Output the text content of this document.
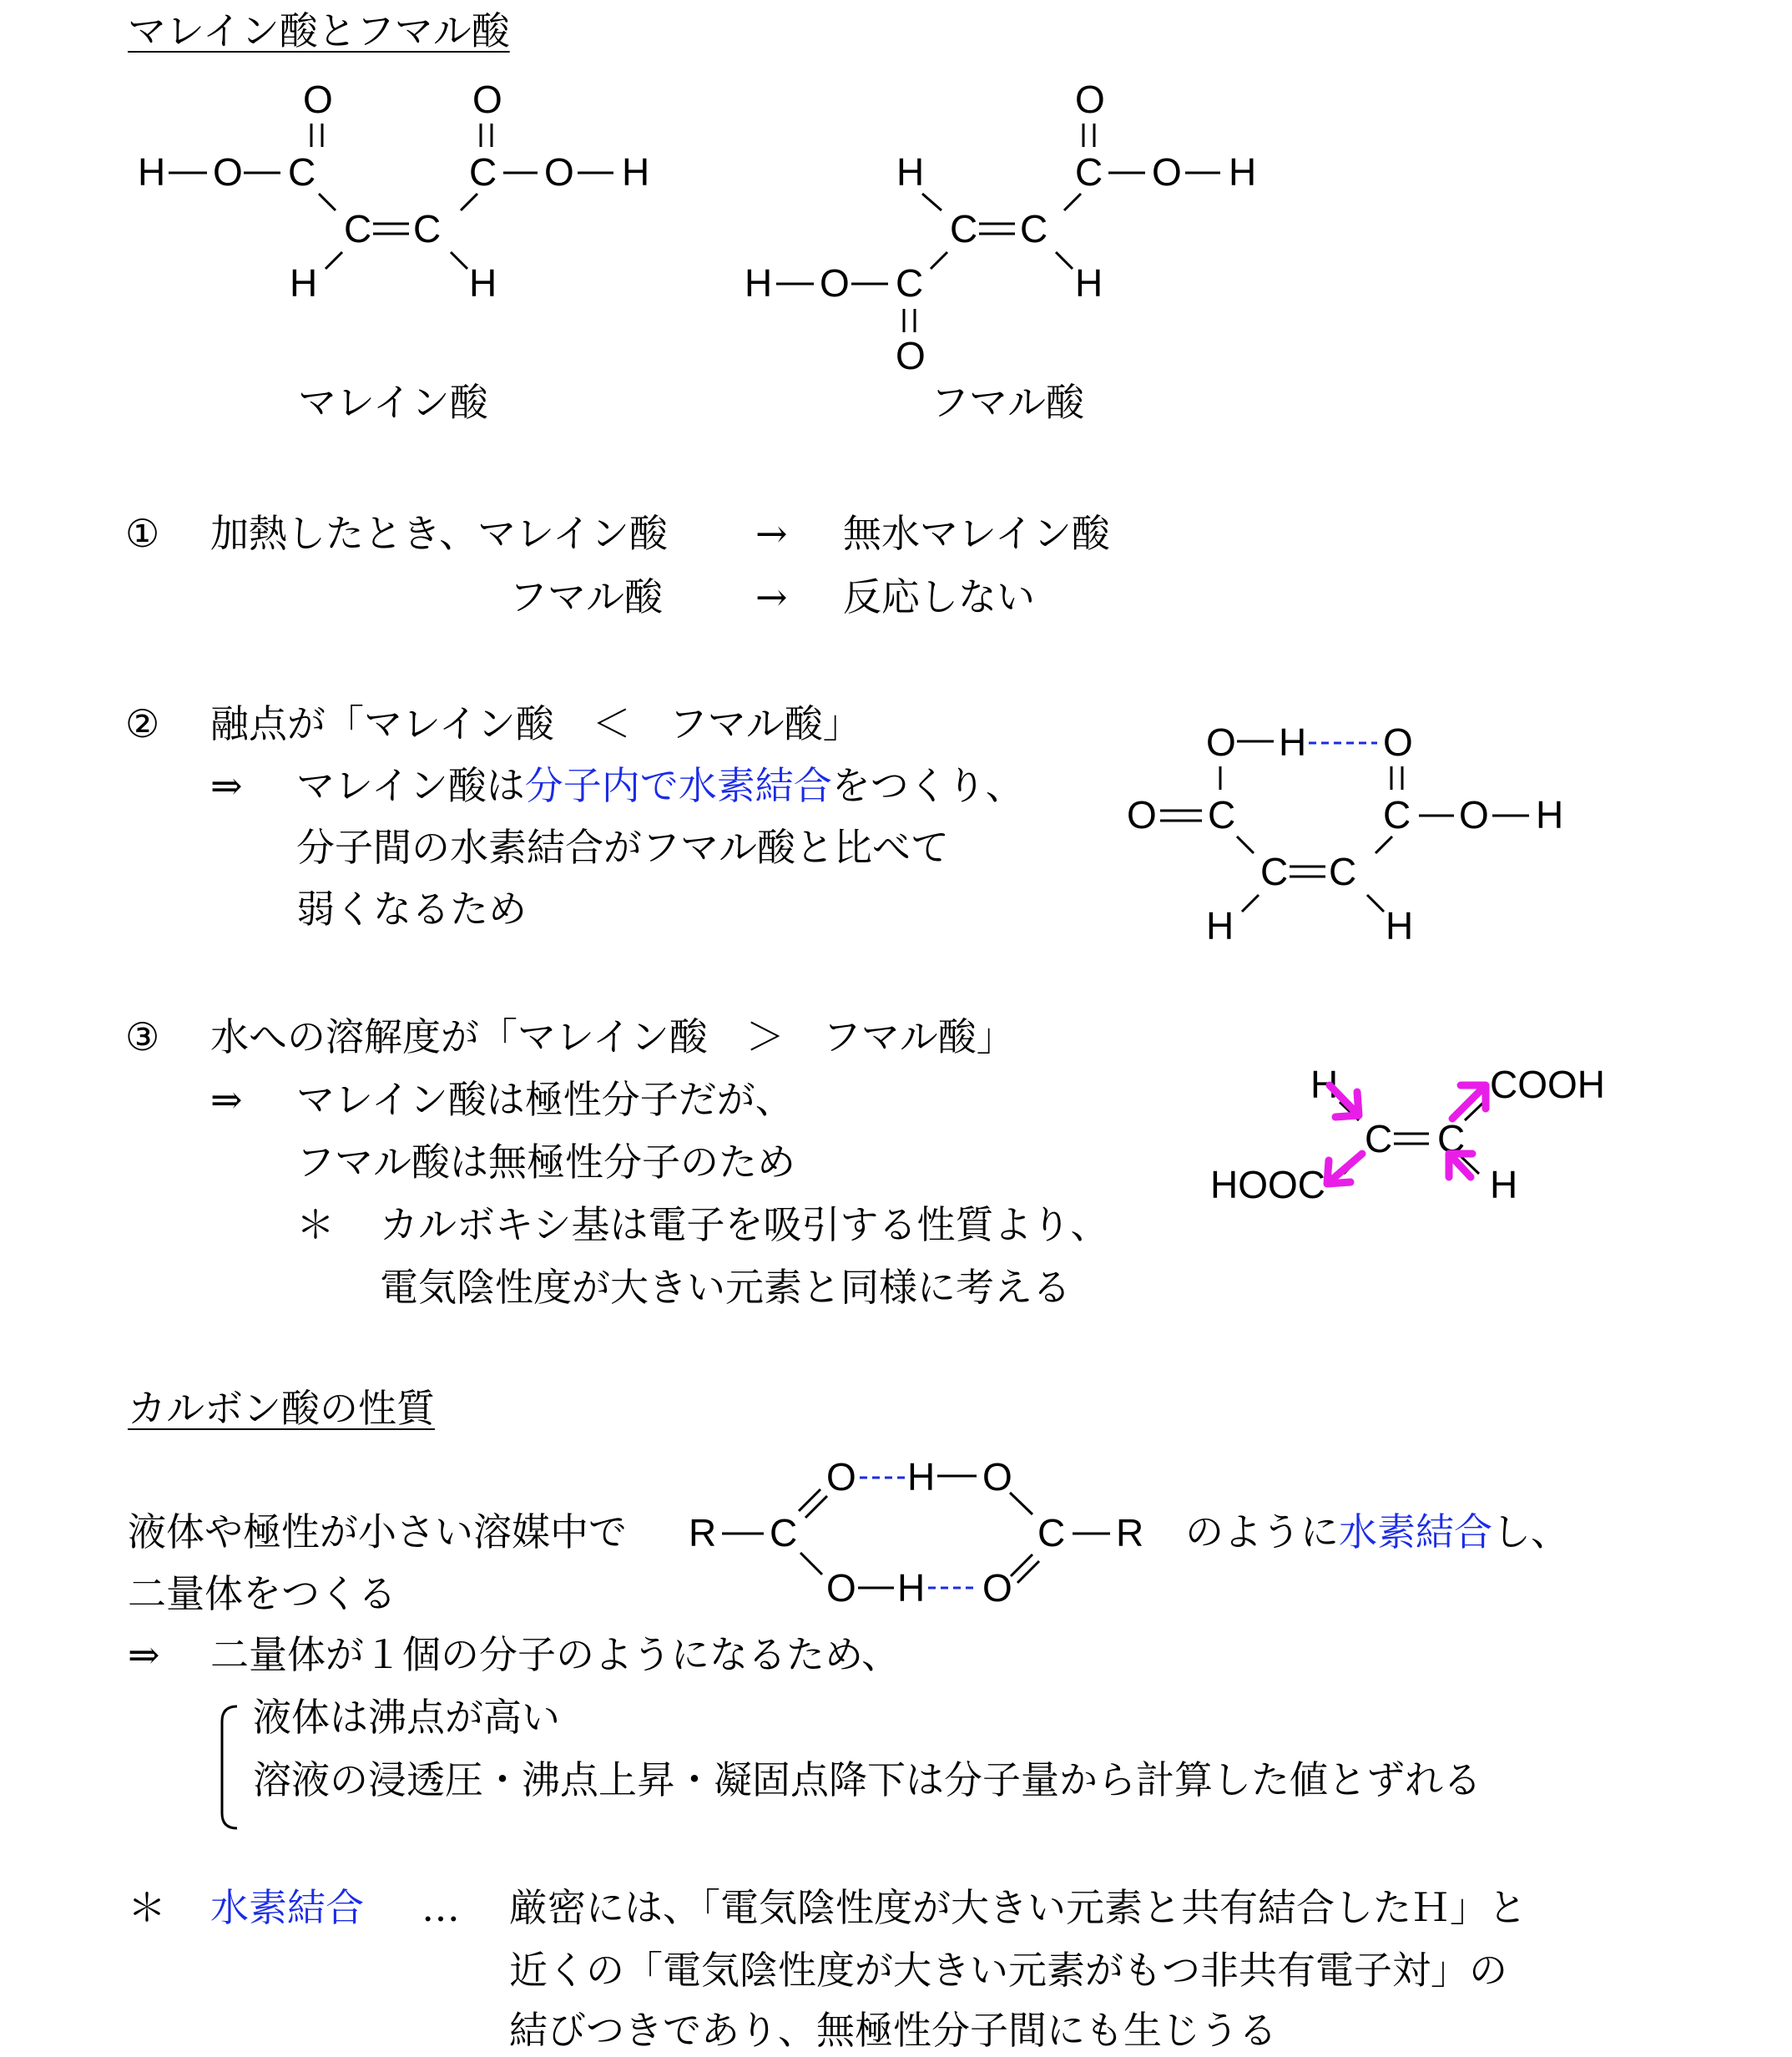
マレイン酸とフマル酸
O	O
H O C	C O H
C C
H	H
マレイン酸
O
H	C O H
C C
H O C	H
O
フマル酸
① 加熱したとき、マレイン酸 → 無水マレイン酸
フマル酸 → 反応しない
② 融点が「マレイン酸　＜　フマル酸」
⇒ マレイン酸は分子内で水素結合をつくり、
分子間の水素結合がフマル酸と比べて
弱くなるため
O H O
O C	C O H
C C
H	H
③ 水への溶解度が「マレイン酸　＞　フマル酸」
⇒ マレイン酸は極性分子だが、
フマル酸は無極性分子のため
＊ カルボキシ基は電子を吸引する性質より、
電気陰性度が大きい元素と同様に考える
H	COOH
C C
HOOC	H
カルボン酸の性質
液体や極性が小さい溶媒中で
O H O
R C	C R
O H O
のように水素結合し、
二量体をつくる
⇒ 二量体が１個の分子のようになるため、
液体は沸点が高い
溶液の浸透圧・沸点上昇・凝固点降下は分子量から計算した値とずれる
＊ 水素結合 … 厳密には、「電気陰性度が大きい元素と共有結合したＨ」と
近くの「電気陰性度が大きい元素がもつ非共有電子対」の
結びつきであり、無極性分子間にも生じうる
